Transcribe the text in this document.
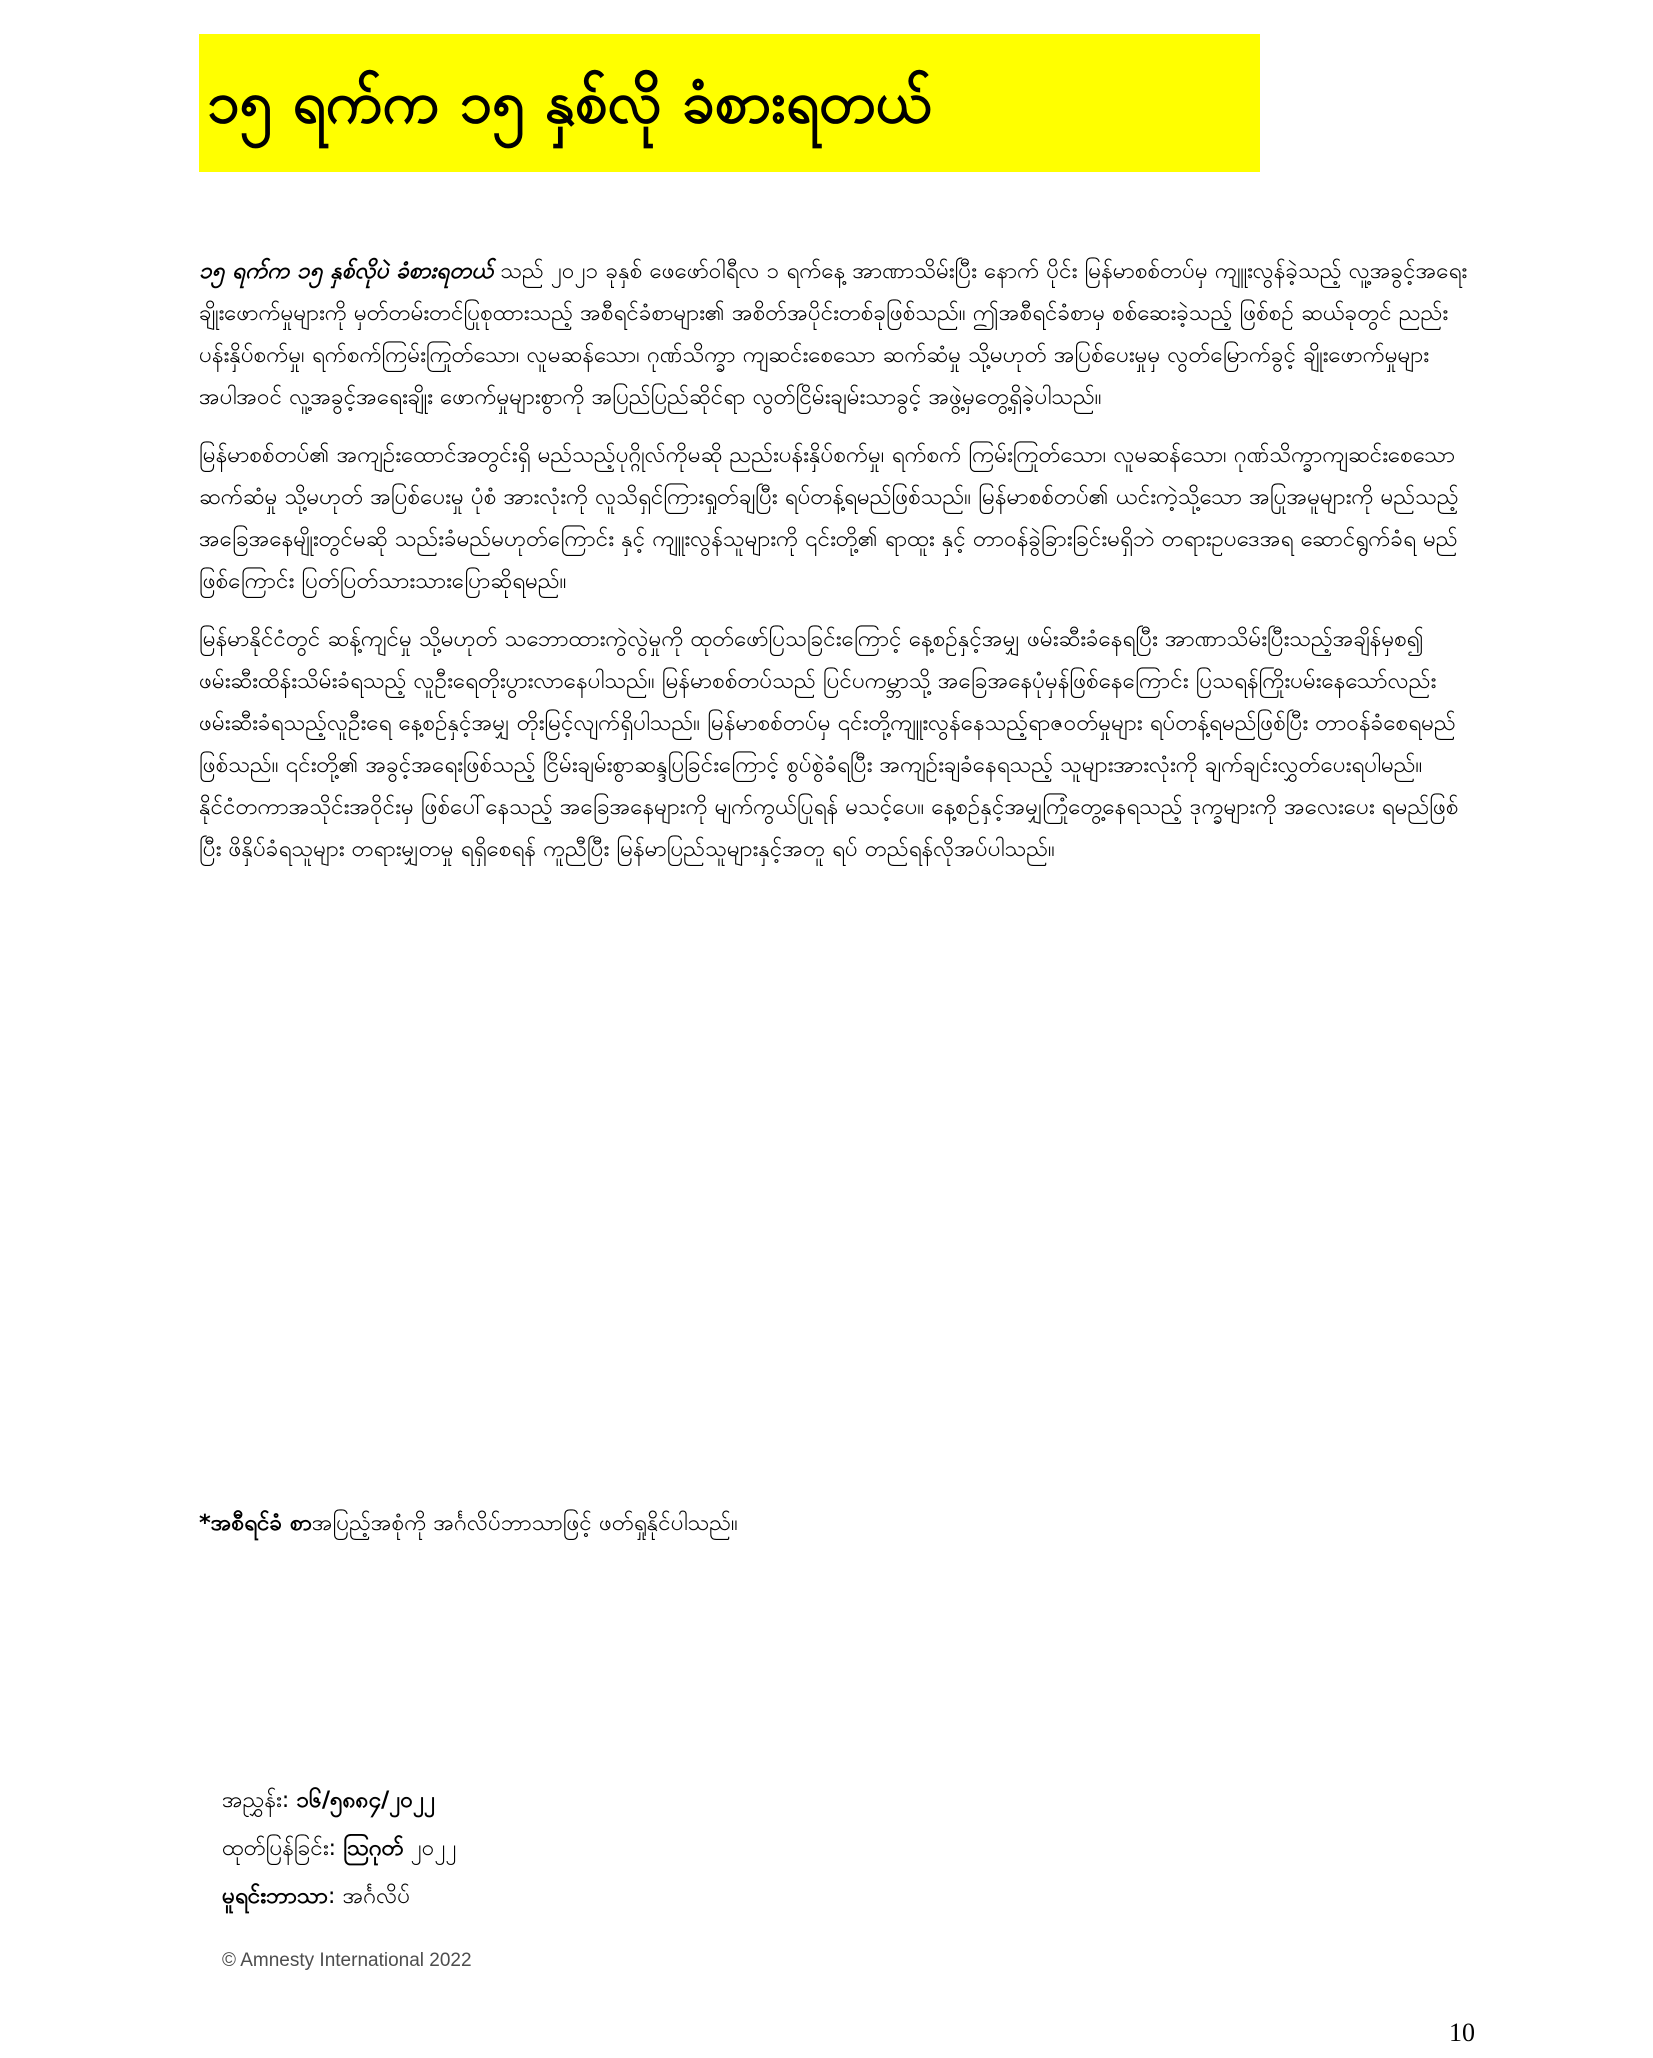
၁၅ ရက်က ၁၅ နှစ်လို ခံစားရတယ်

၁၅ ရက်က ၁၅ နှစ်လိုပဲ ခံစားရတယ် သည် ၂၀၂၁ ခုနှစ် ဖေဖော်ဝါရီလ ၁ ရက်နေ့ အာဏာသိမ်းပြီး နောက် ပိုင်း မြန်မာစစ်တပ်မှ ကျူးလွန်ခဲ့သည့် လူ့အခွင့်အရေးချိုးဖောက်မှုများကို မှတ်တမ်းတင်ပြုစုထားသည့် အစီရင်ခံစာများ၏ အစိတ်အပိုင်းတစ်ခုဖြစ်သည်။ ဤအစီရင်ခံစာမှ စစ်ဆေးခဲ့သည့် ဖြစ်စဉ် ဆယ်ခုတွင် ညည်းပန်းနှိပ်စက်မှု၊ ရက်စက်ကြမ်းကြုတ်သော၊ လူမဆန်သော၊ ဂုဏ်သိက္ခာ ကျဆင်းစေသော ဆက်ဆံမှု သို့မဟုတ် အပြစ်ပေးမှုမှ လွတ်မြောက်ခွင့် ချိုးဖောက်မှုများ အပါအဝင် လူ့အခွင့်အရေးချိုး ဖောက်မှုများစွာကို အပြည်ပြည်ဆိုင်ရာ လွတ်ငြိမ်းချမ်းသာခွင့် အဖွဲ့မှတွေ့ရှိခဲ့ပါသည်။

မြန်မာစစ်တပ်၏ အကျဉ်းထောင်အတွင်းရှိ မည်သည့်ပုဂ္ဂိုလ်ကိုမဆို ညည်းပန်းနှိပ်စက်မှု၊ ရက်စက် ကြမ်းကြုတ်သော၊ လူမဆန်သော၊ ဂုဏ်သိက္ခာကျဆင်းစေသော ဆက်ဆံမှု သို့မဟုတ် အပြစ်ပေးမှု ပုံစံ အားလုံးကို လူသိရှင်ကြားရှုတ်ချပြီး ရပ်တန့်ရမည်ဖြစ်သည်။ မြန်မာစစ်တပ်၏ ယင်းကဲ့သို့သော အပြုအမူများကို မည်သည့် အခြေအနေမျိုးတွင်မဆို သည်းခံမည်မဟုတ်ကြောင်း နှင့် ကျူးလွန်သူများကို ၎င်းတို့၏ ရာထူး နှင့် တာဝန်ခွဲခြားခြင်းမရှိဘဲ တရားဥပဒေအရ ဆောင်ရွက်ခံရ မည်ဖြစ်ကြောင်း ပြတ်ပြတ်သားသားပြောဆိုရမည်။

မြန်မာနိုင်ငံတွင် ဆန့်ကျင်မှု သို့မဟုတ် သဘောထားကွဲလွဲမှုကို ထုတ်ဖော်ပြသခြင်းကြောင့် နေ့စဉ်နှင့်အမျှ ဖမ်းဆီးခံနေရပြီး အာဏာသိမ်းပြီးသည့်အချိန်မှစ၍ ဖမ်းဆီးထိန်းသိမ်းခံရသည့် လူဦးရေတိုးပွားလာနေပါသည်။ မြန်မာစစ်တပ်သည် ပြင်ပကမ္ဘာသို့ အခြေအနေပုံမှန်ဖြစ်နေကြောင်း ပြသရန်ကြိုးပမ်းနေသော်လည်း ဖမ်းဆီးခံရသည့်လူဦးရေ နေ့စဉ်နှင့်အမျှ တိုးမြင့်လျက်ရှိပါသည်။ မြန်မာစစ်တပ်မှ ၎င်းတို့ကျူးလွန်နေသည့်ရာဇဝတ်မှုများ ရပ်တန့်ရမည်ဖြစ်ပြီး တာဝန်ခံစေရမည် ဖြစ်သည်။ ၎င်းတို့၏ အခွင့်အရေးဖြစ်သည့် ငြိမ်းချမ်းစွာဆန္ဒပြခြင်းကြောင့် စွပ်စွဲခံရပြီး အကျဉ်းချခံနေရသည့် သူများအားလုံးကို ချက်ချင်းလွှတ်ပေးရပါမည်။ နိုင်ငံတကာအသိုင်းအဝိုင်းမှ ဖြစ်ပေါ်နေသည့် အခြေအနေများကို မျက်ကွယ်ပြုရန် မသင့်ပေ။ နေ့စဉ်နှင့်အမျှကြုံတွေ့နေရသည့် ဒုက္ခများကို အလေးပေး ရမည်ဖြစ်ပြီး ဖိနှိပ်ခံရသူများ တရားမျှတမှု ရရှိစေရန် ကူညီပြီး မြန်မာပြည်သူများနှင့်အတူ ရပ် တည်ရန်လိုအပ်ပါသည်။

*အစီရင်ခံ စာအပြည့်အစုံကို အင်္ဂလိပ်ဘာသာဖြင့် ဖတ်ရှုနိုင်ပါသည်။
အညွှန်း: ၁၆/၅၈၈၄/၂၀၂၂
ထုတ်ပြန်ခြင်း: ဩဂုတ် ၂၀၂၂
မူရင်းဘာသာ: အင်္ဂလိပ်
© Amnesty International 2022
10
